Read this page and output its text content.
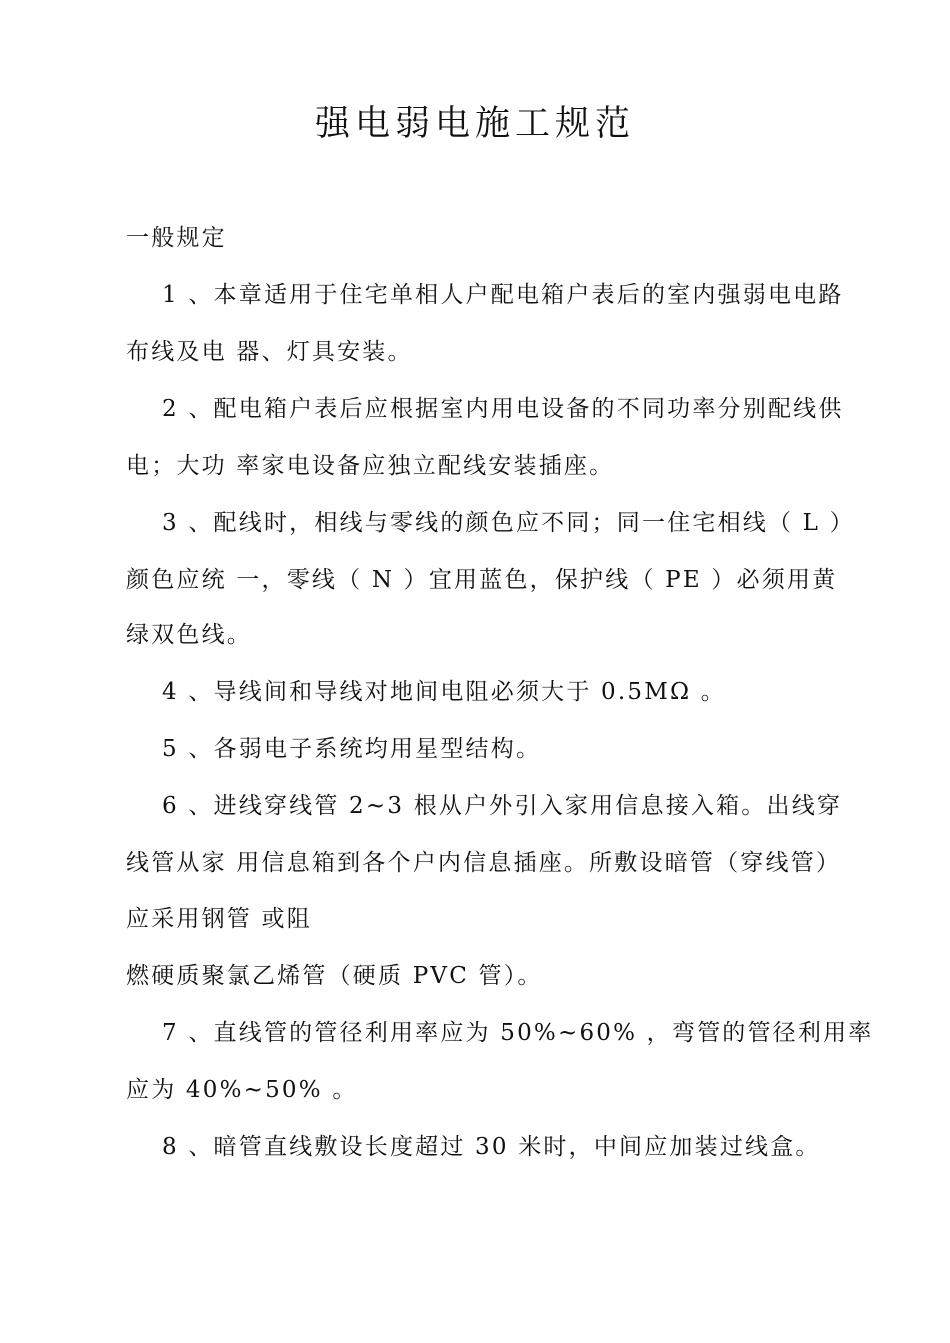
强电弱电施工规范
一般规定
1 、本章适用于住宅单相人户配电箱户表后的室内强弱电电路
布线及电 器、灯具安装。
2 、配电箱户表后应根据室内用电设备的不同功率分别配线供
电；大功 率家电设备应独立配线安装插座。
3 、配线时，相线与零线的颜色应不同；同一住宅相线（ L ）
颜色应统 一，零线（ N ）宜用蓝色，保护线（ PE ）必须用黄
绿双色线。
4 、导线间和导线对地间电阻必须大于 0.5MΩ 。
5 、各弱电子系统均用星型结构。
6 、进线穿线管 2~3 根从户外引入家用信息接入箱。出线穿
线管从家 用信息箱到各个户内信息插座。所敷设暗管（穿线管）
应采用钢管 或阻
燃硬质聚氯乙烯管（硬质 PVC 管）。
7 、直线管的管径利用率应为 50%~60% ，弯管的管径利用率
应为 40%~50% 。
8 、暗管直线敷设长度超过 30 米时，中间应加装过线盒。
